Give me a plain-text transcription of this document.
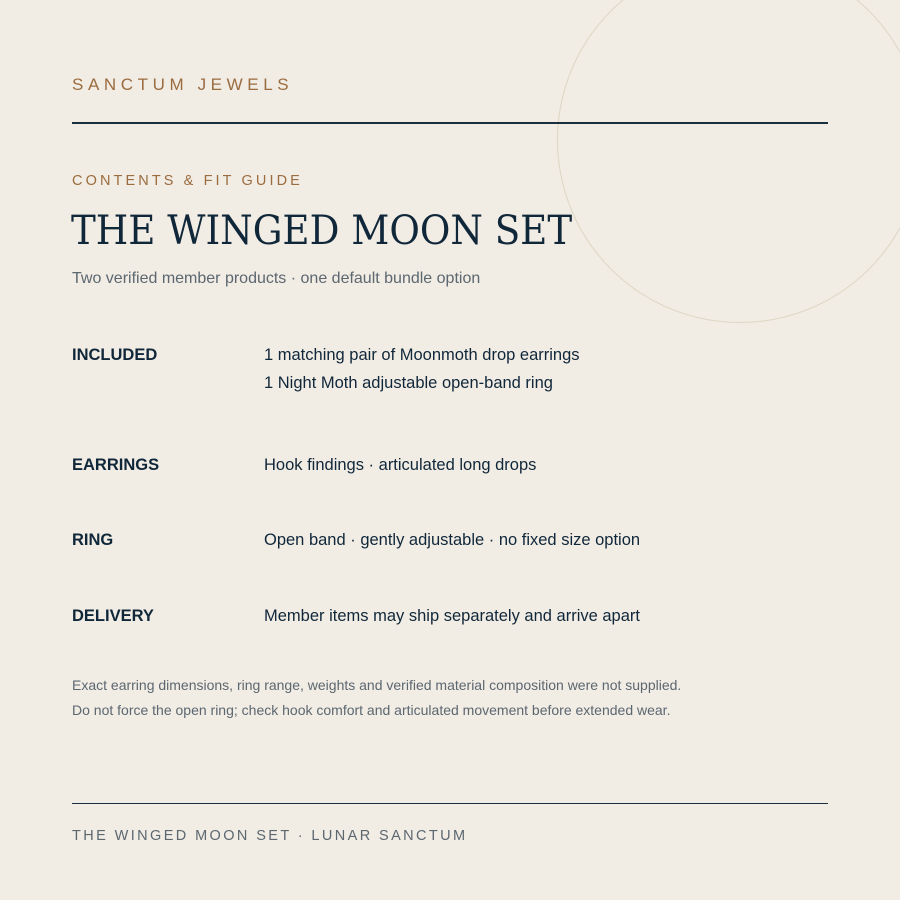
SANCTUM JEWELS
CONTENTS & FIT GUIDE
THE WINGED MOON SET
Two verified member products · one default bundle option
INCLUDED	1 matching pair of Moonmoth drop earrings
1 Night Moth adjustable open-band ring
EARRINGS	Hook findings · articulated long drops
RING	Open band · gently adjustable · no fixed size option
DELIVERY	Member items may ship separately and arrive apart
Exact earring dimensions, ring range, weights and verified material composition were not supplied.
Do not force the open ring; check hook comfort and articulated movement before extended wear.
THE WINGED MOON SET · LUNAR SANCTUM
